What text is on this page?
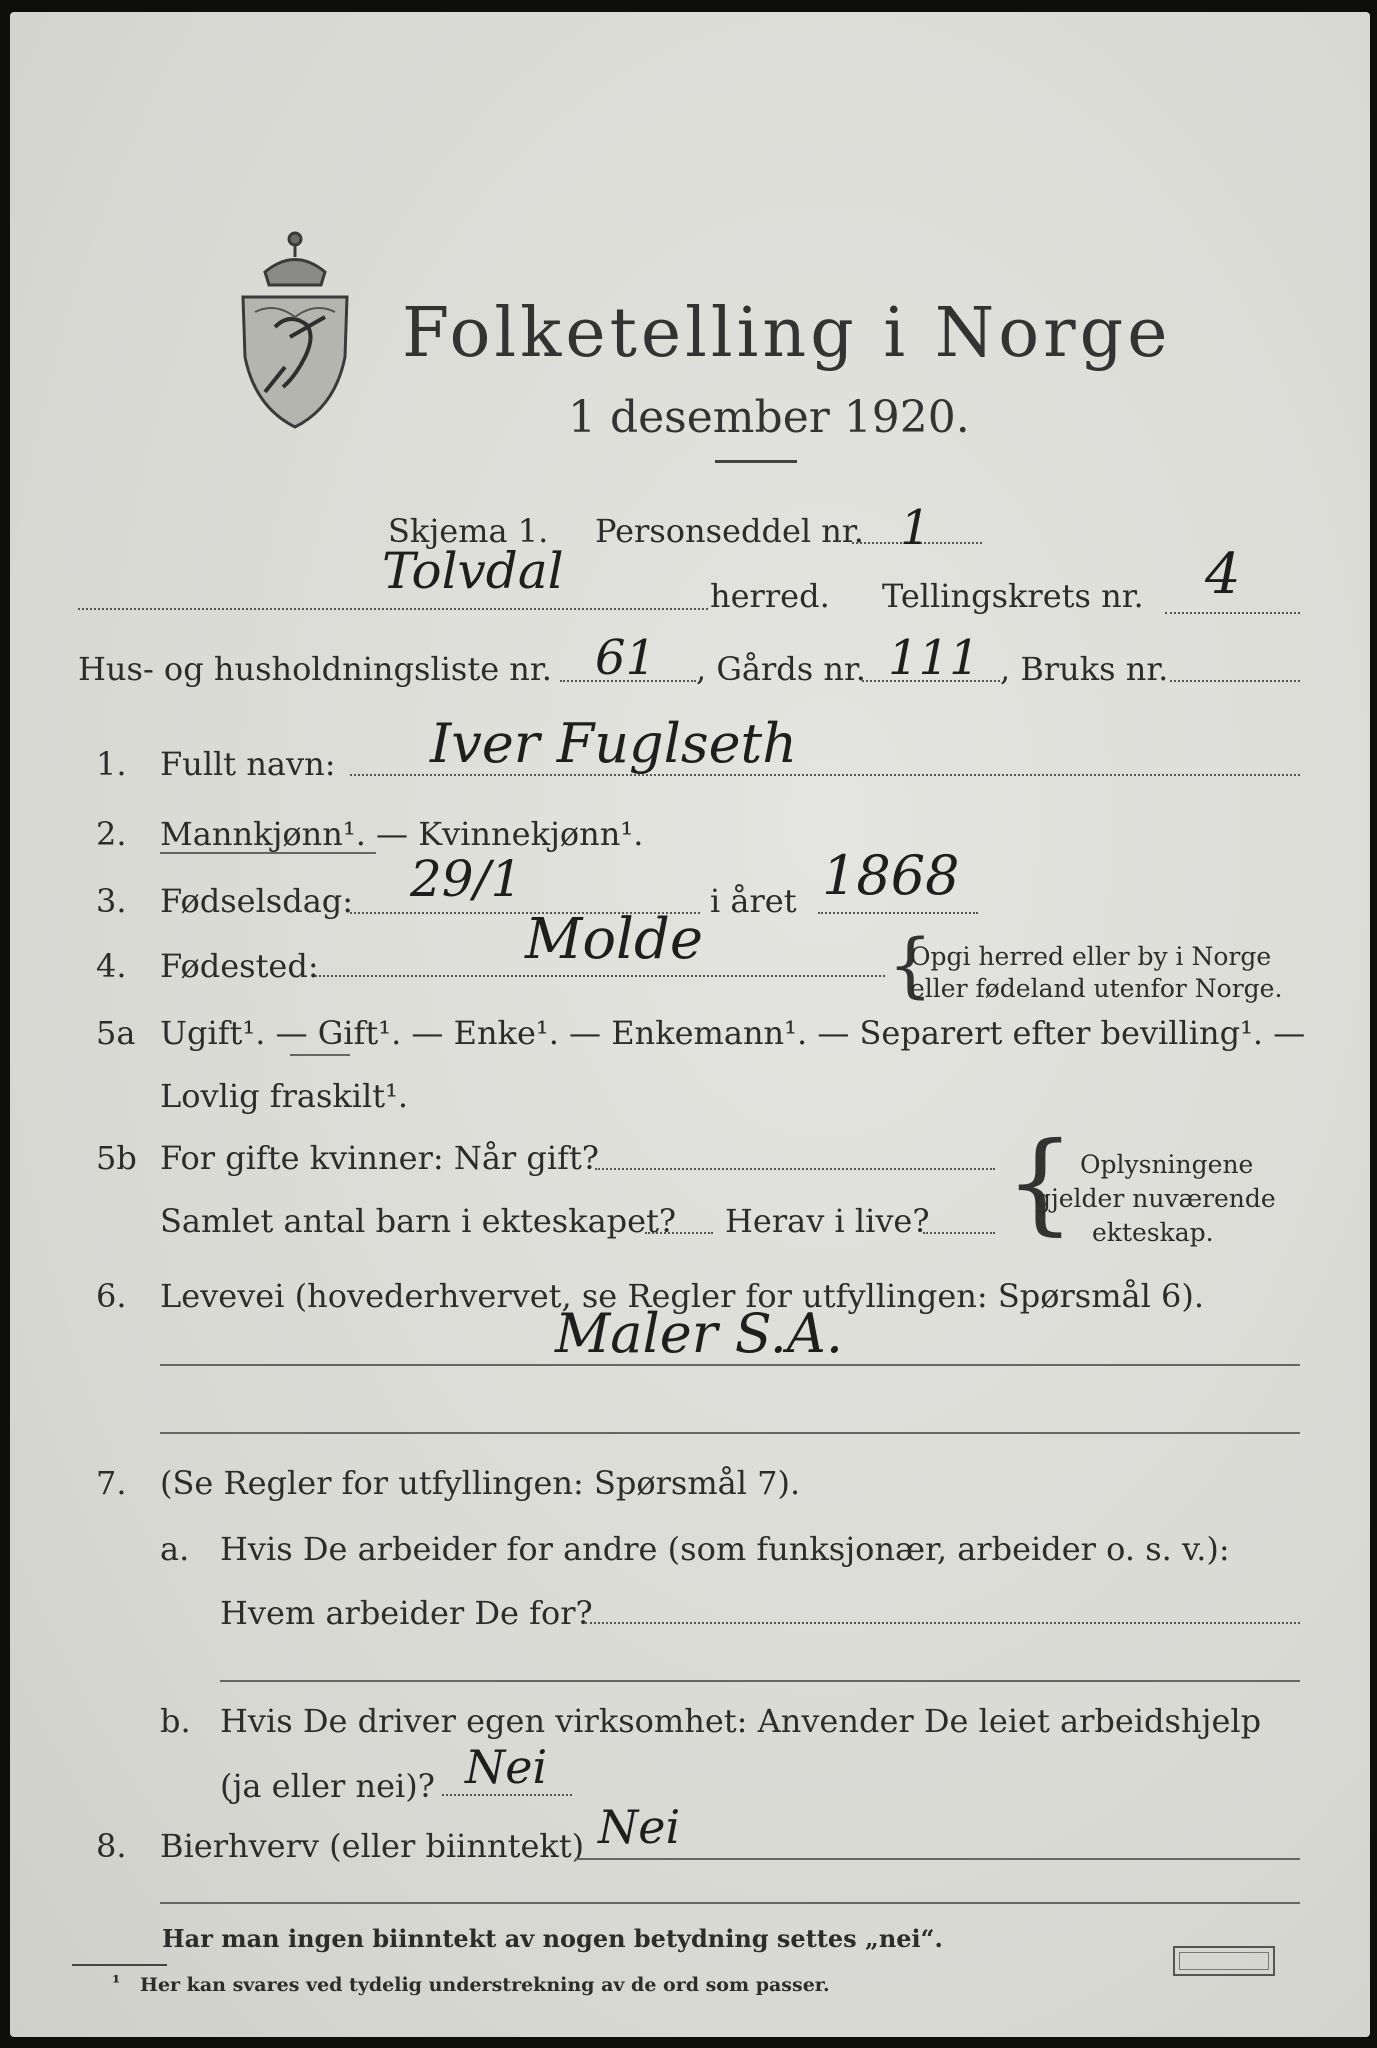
Folketelling i Norge
1 desember 1920.
Skjema 1. Personseddel nr. 1
Tolvdal	herred. Tellingskrets nr. 4
Hus- og husholdningsliste nr. 61 , Gårds nr. 111 , Bruks nr.
1. Fullt navn: Iver Fuglseth
2. Mannkjønn¹. — Kvinnekjønn¹.
3. Fødselsdag: 29/1	i året 1868
4. Fødested:	Molde	{
Opgi herred eller by i Norge
eller fødeland utenfor Norge.
5a Ugift¹. — Gift¹. — Enke¹. — Enkemann¹. — Separert efter bevilling¹. —
Lovlig fraskilt¹.
5b For gifte kvinner: Når gift?
Samlet antal barn i ekteskapet? Herav i live? { Oplysningene
gjelder nuværende
ekteskap.
6. Levevei (hovederhvervet, se Regler for utfyllingen: Spørsmål 6).
Maler S.A.
7. (Se Regler for utfyllingen: Spørsmål 7).
a. Hvis De arbeider for andre (som funksjonær, arbeider o. s. v.):
Hvem arbeider De for?
b. Hvis De driver egen virksomhet: Anvender De leiet arbeidshjelp
(ja eller nei)? Nei
8. Bierhverv (eller biinntekt) Nei
Har man ingen biinntekt av nogen betydning settes „nei“.
¹ Her kan svares ved tydelig understrekning av de ord som passer.
